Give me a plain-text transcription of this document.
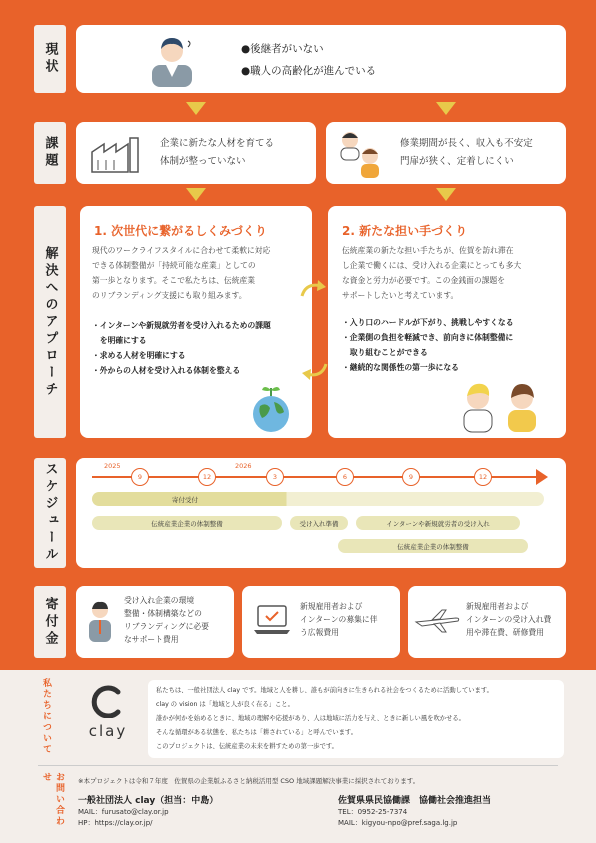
現状	●後継者がいない
●職人の高齢化が進んでいる
課題	企業に新たな人材を育てる
体制が整っていない
修業期間が長く、収入も不安定
門扉が狭く、定着しにくい
解決へのアプローチ
1. 次世代に繋がるしくみづくり
現代のワークライフスタイルに合わせて柔軟に対応
できる体制整備が「持続可能な産業」としての
第一歩となります。そこで私たちは、伝統産業
のリブランディング支援にも取り組みます。
・インターンや新規就労者を受け入れるための課題
　を明確にする
・求める人材を明確にする
・外からの人材を受け入れる体制を整える
2. 新たな担い手づくり
伝統産業の新たな担い手たちが、佐賀を訪れ滞在
し企業で働くには、受け入れる企業にとっても多大
な資金と労力が必要です。この金銭面の課題を
サポートしたいと考えています。
・入り口のハードルが下がり、挑戦しやすくなる
・企業側の負担を軽減でき、前向きに体制整備に
　取り組むことができる
・継続的な関係性の第一歩になる
スケジュール	2025	2026
9	12	3	6	9	12
寄付受付
伝統産業企業の体制整備	受け入れ準備	インターンや新規就労者の受け入れ
伝統産業企業の体制整備
寄付金	受け入れ企業の環境
整備・体制構築などの
リブランディングに必要
なサポート費用
新規雇用者および
インターンの募集に伴
う広報費用
新規雇用者および
インターンの受け入れ費
用や滞在費、研修費用
私たちについて	clay
私たちは、一般社団法人 clay です。地域と人を耕し、誰もが前向きに生きられる社会をつくるために活動しています。
clay の vision は「地域と人が良く在る」こと。
誰かが何かを始めるときに、地域の理解や応援があり、人は地域に活力を与え、ときに新しい風を吹かせる。
そんな循環がある状態を、私たちは「耕されている」と呼んでいます。
このプロジェクトは、伝統産業の未来を耕すための第一歩です。
お問い合わせ	※本プロジェクトは令和７年度　佐賀県の企業版ふるさと納税活用型 CSO 地域課題解決事業に採択されております。
一般社団法人 clay（担当：中島）
MAIL：furusato@clay.or.jp
HP：https://clay.or.jp/
佐賀県県民協働課　協働社会推進担当
TEL：0952-25-7374
MAIL：kigyou-npo@pref.saga.lg.jp
